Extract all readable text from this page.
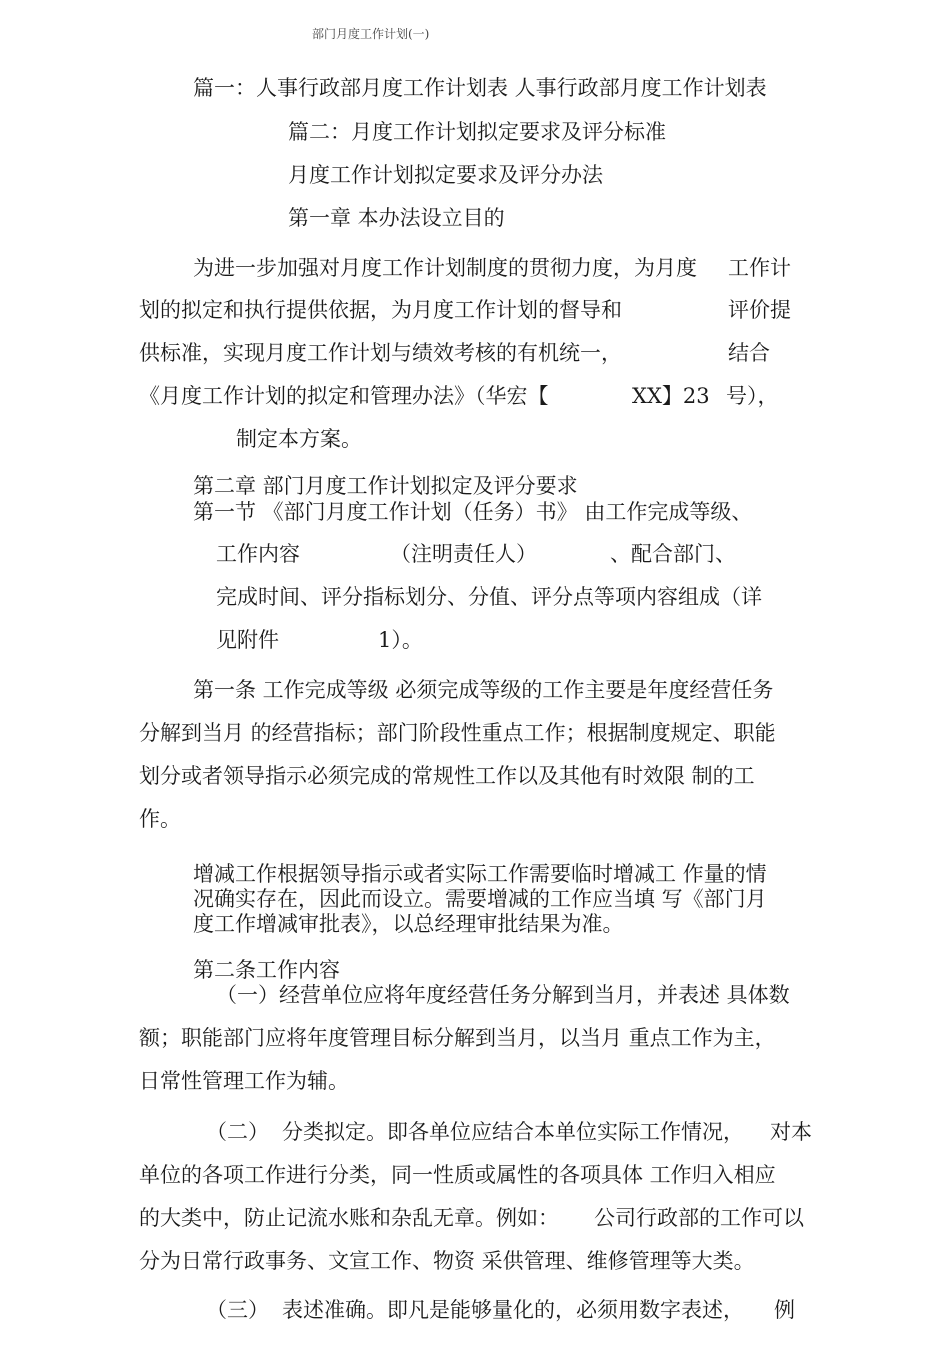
部门月度工作计划(一)
篇一：人事行政部月度工作计划表 人事行政部月度工作计划表
篇二：月度工作计划拟定要求及评分标准
月度工作计划拟定要求及评分办法
第一章 本办法设立目的
为进一步加强对月度工作计划制度的贯彻力度，为月度 工作计
划的拟定和执行提供依据，为月度工作计划的督导和	评价提
供标准，实现月度工作计划与绩效考核的有机统一，	结合
《月度工作计划的拟定和管理办法》（华宏【	XX】23 号），
制定本方案。
第二章 部门月度工作计划拟定及评分要求
第一节 《部门月度工作计划（任务）书》 由工作完成等级、
工作内容	（注明责任人）	、配合部门、
完成时间、评分指标划分、分值、评分点等项内容组成（详
见附件	1）。
第一条 工作完成等级 必须完成等级的工作主要是年度经营任务
分解到当月 的经营指标；部门阶段性重点工作；根据制度规定、职能
划分或者领导指示必须完成的常规性工作以及其他有时效限 制的工
作。
增减工作根据领导指示或者实际工作需要临时增减工 作量的情
况确实存在，因此而设立。需要增减的工作应当填 写《部门月
度工作增减审批表》，以总经理审批结果为准。
第二条工作内容
（一）经营单位应将年度经营任务分解到当月，并表述 具体数
额；职能部门应将年度管理目标分解到当月，以当月 重点工作为主，
日常性管理工作为辅。
（二） 分类拟定。即各单位应结合本单位实际工作情况， 对本
单位的各项工作进行分类，同一性质或属性的各项具体 工作归入相应
的大类中，防止记流水账和杂乱无章。例如： 公司行政部的工作可以
分为日常行政事务、文宣工作、物资 采供管理、维修管理等大类。
（三） 表述准确。即凡是能够量化的，必须用数字表述， 例
